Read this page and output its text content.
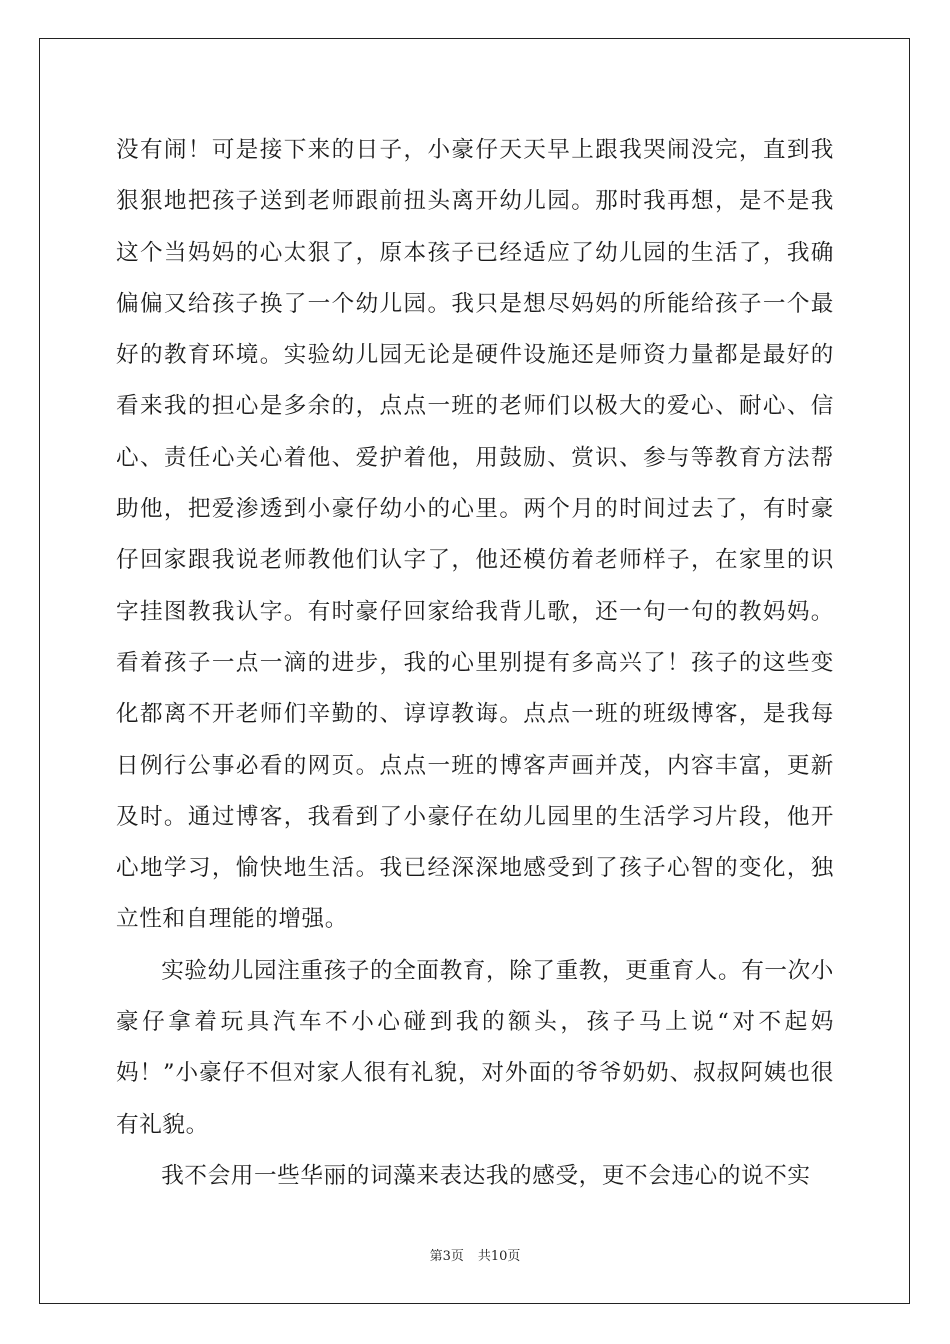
没有闹！可是接下来的日子，小豪仔天天早上跟我哭闹没完，直到我狠狠地把孩子送到老师跟前扭头离开幼儿园。那时我再想，是不是我这个当妈妈的心太狠了，原本孩子已经适应了幼儿园的生活了，我确偏偏又给孩子换了一个幼儿园。我只是想尽妈妈的所能给孩子一个最好的教育环境。实验幼儿园无论是硬件设施还是师资力量都是最好的看来我的担心是多余的，点点一班的老师们以极大的爱心、耐心、信心、责任心关心着他、爱护着他，用鼓励、赏识、参与等教育方法帮助他，把爱渗透到小豪仔幼小的心里。两个月的时间过去了，有时豪仔回家跟我说老师教他们认字了，他还模仿着老师样子，在家里的识字挂图教我认字。有时豪仔回家给我背儿歌，还一句一句的教妈妈。看着孩子一点一滴的进步，我的心里别提有多高兴了！孩子的这些变化都离不开老师们辛勤的、谆谆教诲。点点一班的班级博客，是我每日例行公事必看的网页。点点一班的博客声画并茂，内容丰富，更新及时。通过博客，我看到了小豪仔在幼儿园里的生活学习片段，他开心地学习，愉快地生活。我已经深深地感受到了孩子心智的变化，独立性和自理能的增强。

实验幼儿园注重孩子的全面教育，除了重教，更重育人。有一次小豪仔拿着玩具汽车不小心碰到我的额头，孩子马上说“对不起妈妈！”小豪仔不但对家人很有礼貌，对外面的爷爷奶奶、叔叔阿姨也很有礼貌。

我不会用一些华丽的词藻来表达我的感受，更不会违心的说不实

第3页 共10页
